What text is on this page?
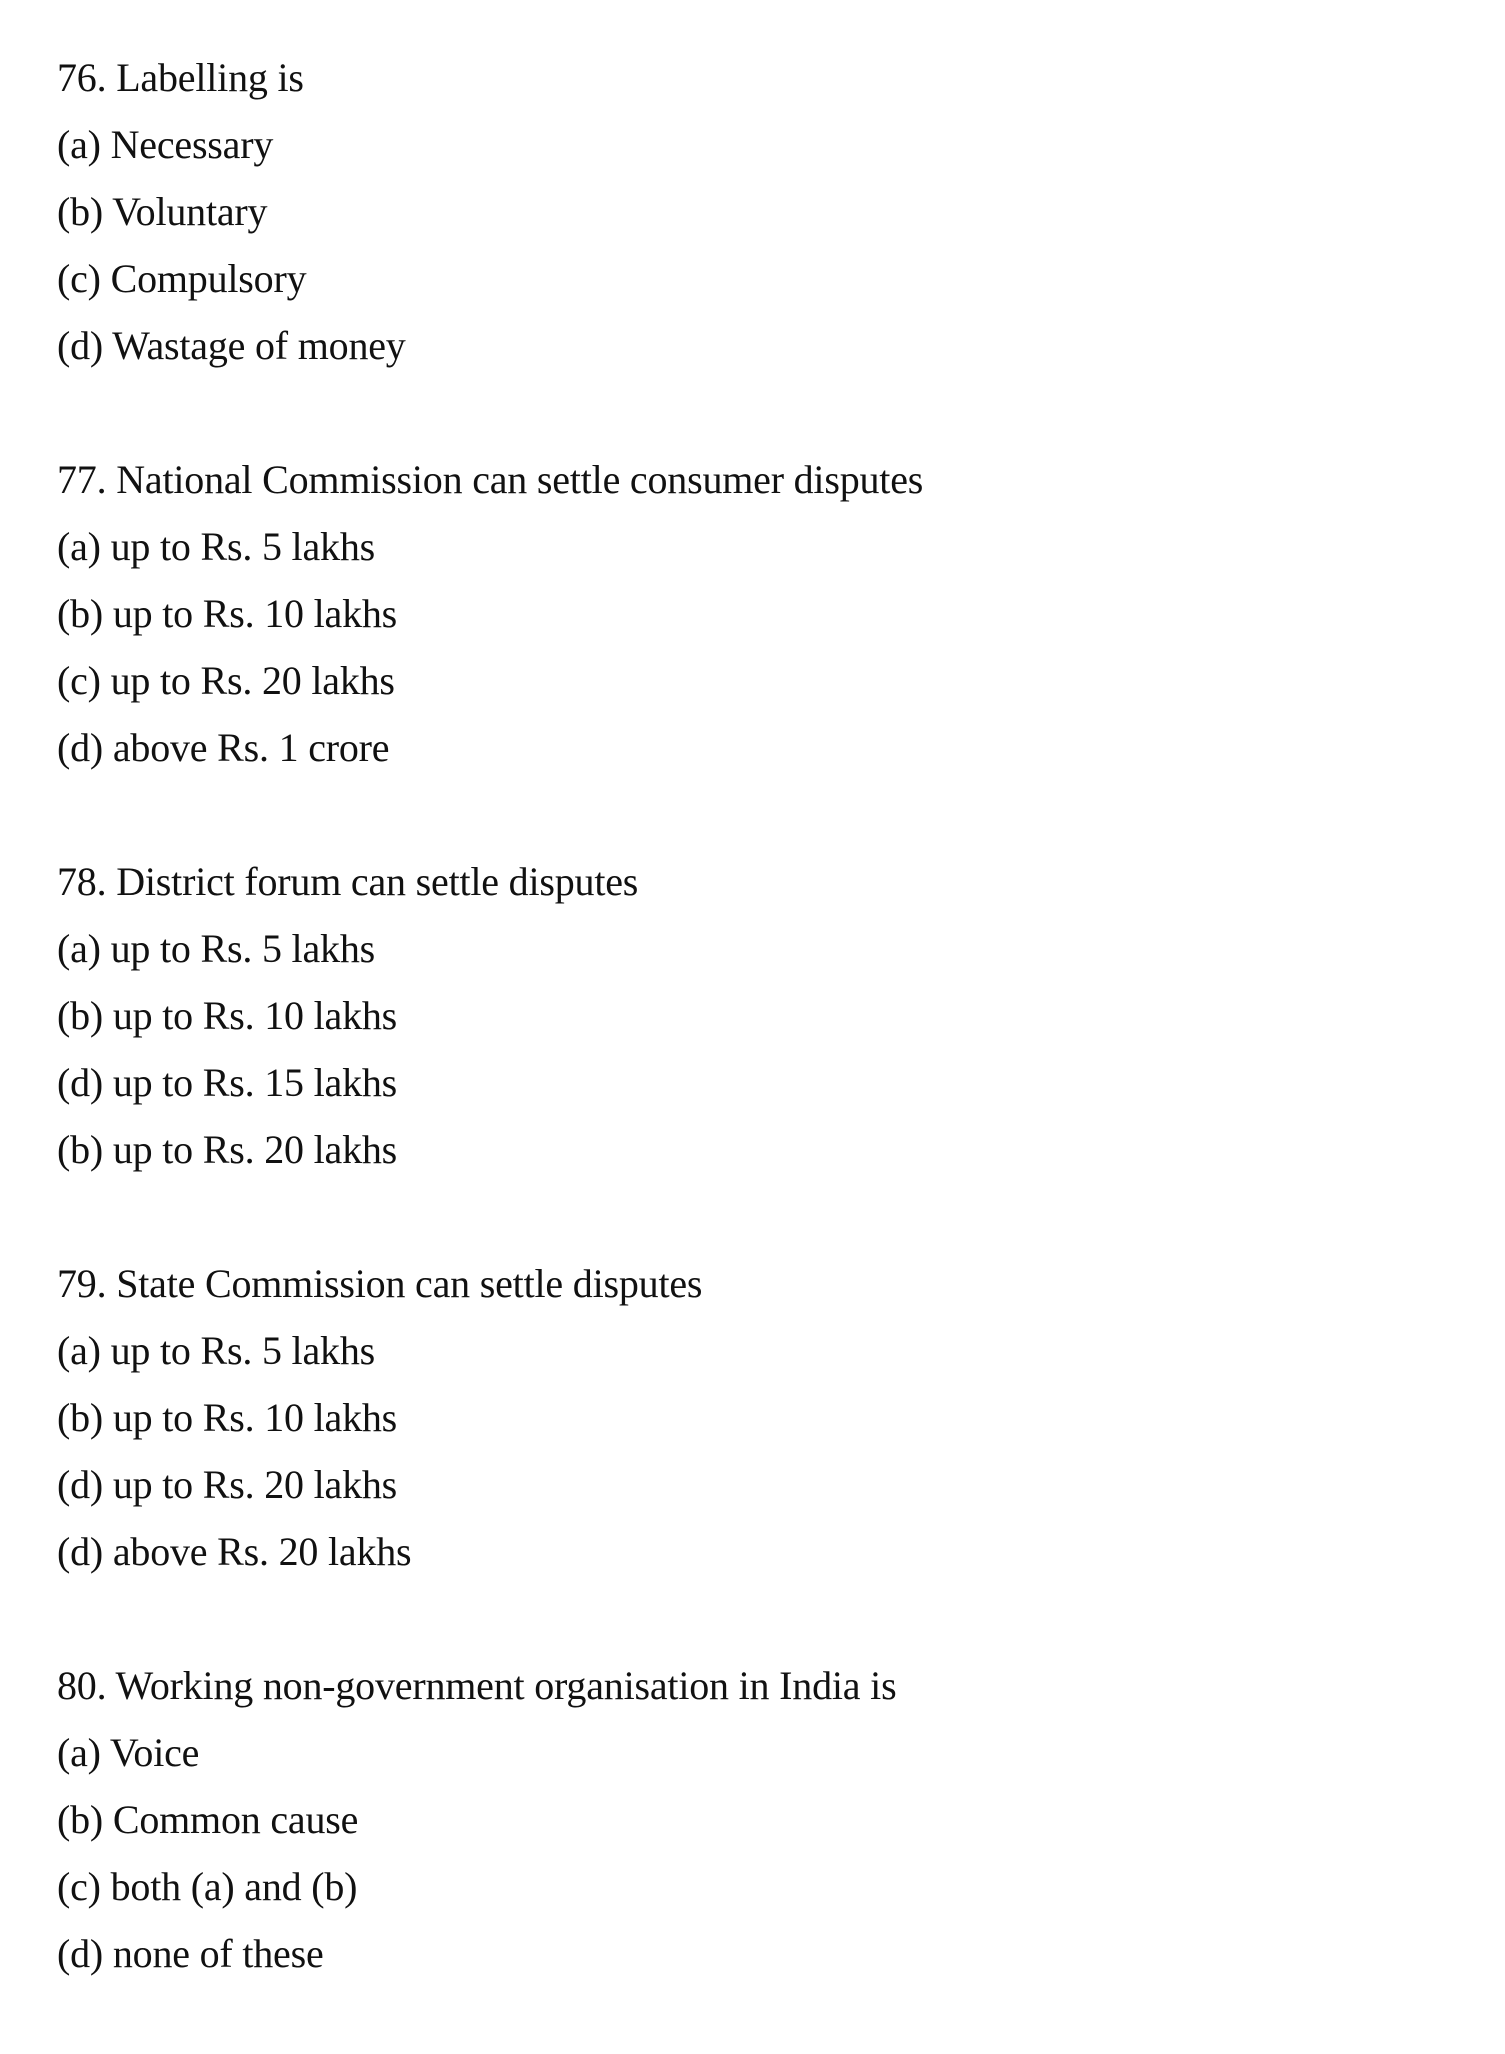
76. Labelling is
(a) Necessary
(b) Voluntary
(c) Compulsory
(d) Wastage of money
77. National Commission can settle consumer disputes
(a) up to Rs. 5 lakhs
(b) up to Rs. 10 lakhs
(c) up to Rs. 20 lakhs
(d) above Rs. 1 crore
78. District forum can settle disputes
(a) up to Rs. 5 lakhs
(b) up to Rs. 10 lakhs
(d) up to Rs. 15 lakhs
(b) up to Rs. 20 lakhs
79. State Commission can settle disputes
(a) up to Rs. 5 lakhs
(b) up to Rs. 10 lakhs
(d) up to Rs. 20 lakhs
(d) above Rs. 20 lakhs
80. Working non-government organisation in India is
(a) Voice
(b) Common cause
(c) both (a) and (b)
(d) none of these
